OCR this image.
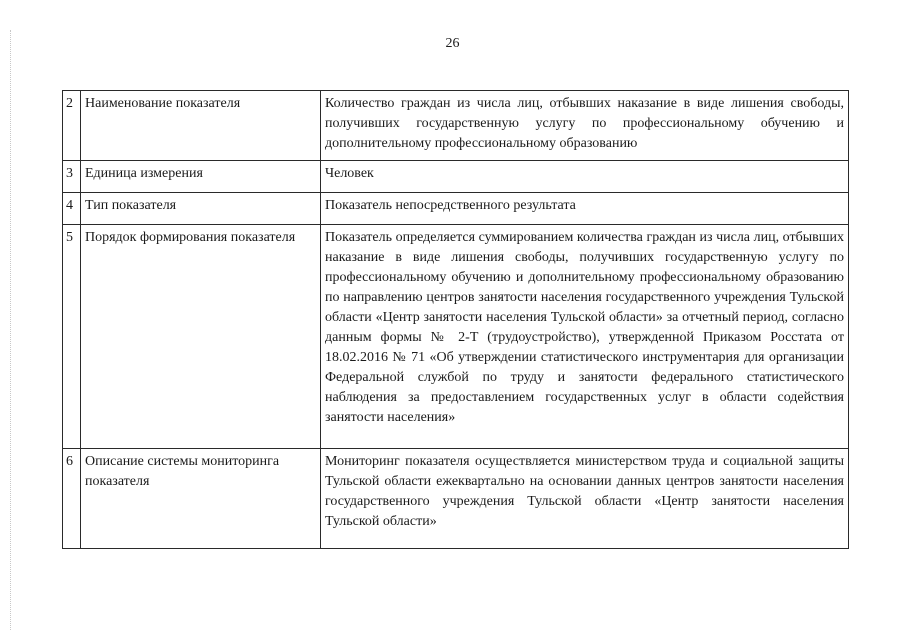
26
2	Наименование показателя	Количество граждан из числа лиц, отбывших наказание в виде лишения свободы, получивших государственную услугу по профессиональному обучению и дополнительному профессиональному образованию
3	Единица измерения	Человек
4	Тип показателя	Показатель непосредственного результата
5	Порядок формирования показателя	Показатель определяется суммированием количества граждан из числа лиц, отбывших наказание в виде лишения свободы, получивших государственную услугу по профессиональному обучению и дополнительному профессиональному образованию по направлению центров занятости населения государственного учреждения Тульской области «Центр занятости населения Тульской области» за отчетный период, согласно данным формы № 2-Т (трудоустройство), утвержденной Приказом Росстата от 18.02.2016 № 71 «Об утверждении статистического инструментария для организации Федеральной службой по труду и занятости федерального статистического наблюдения за предоставлением государственных услуг в области содействия занятости населения»
6	Описание системы мониторинга показателя	Мониторинг показателя осуществляется министерством труда и социальной защиты Тульской области ежеквартально на основании данных центров занятости населения государственного учреждения Тульской области «Центр занятости населения Тульской области»
